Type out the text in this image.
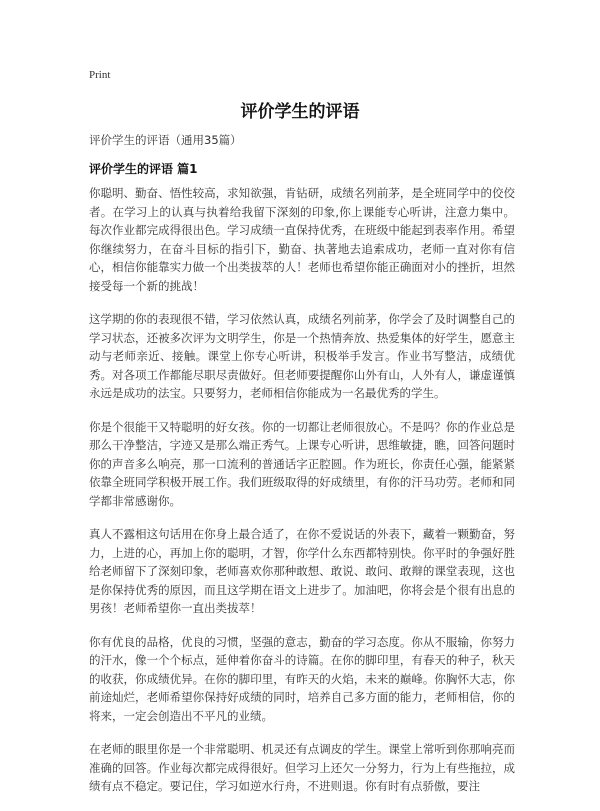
Print
评价学生的评语

评价学生的评语（通用35篇）

评价学生的评语 篇1

你聪明、勤奋、悟性较高，求知欲强，肯钻研，成绩名列前茅，是全班同学中的佼佼者。在学习上的认真与执着给我留下深刻的印象,你上课能专心听讲，注意力集中。每次作业都完成得很出色。学习成绩一直保持优秀，在班级中能起到表率作用。希望你继续努力，在奋斗目标的指引下，勤奋、执著地去追索成功，老师一直对你有信心，相信你能靠实力做一个出类拔萃的人！老师也希望你能正确面对小的挫折，坦然接受每一个新的挑战！

这学期的你的表现很不错，学习依然认真，成绩名列前茅，你学会了及时调整自己的学习状态，还被多次评为文明学生，你是一个热情奔放、热爱集体的好学生，愿意主动与老师亲近、接触。课堂上你专心听讲，积极举手发言。作业书写整洁，成绩优秀。对各项工作都能尽职尽责做好。但老师要提醒你山外有山，人外有人，谦虚谨慎永远是成功的法宝。只要努力，老师相信你能成为一名最优秀的学生。

你是个很能干又特聪明的好女孩。你的一切都让老师很放心。不是吗？你的作业总是那么干净整洁，字迹又是那么端正秀气。上课专心听讲，思维敏捷，瞧，回答问题时你的声音多么响亮，那一口流利的普通话字正腔圆。作为班长，你责任心强，能紧紧依靠全班同学积极开展工作。我们班级取得的好成绩里，有你的汗马功劳。老师和同学都非常感谢你。

真人不露相这句话用在你身上最合适了，在你不爱说话的外表下，藏着一颗勤奋，努力，上进的心，再加上你的聪明，才智，你学什么东西都特别快。你平时的争强好胜给老师留下了深刻印象，老师喜欢你那种敢想、敢说、敢问、敢辩的课堂表现，这也是你保持优秀的原因，而且这学期在语文上进步了。加油吧，你将会是个很有出息的男孩！老师希望你一直出类拔萃！

你有优良的品格，优良的习惯，坚强的意志，勤奋的学习态度。你从不服输，你努力的汗水，像一个个标点，延伸着你奋斗的诗篇。在你的脚印里，有春天的种子，秋天的收获，你成绩优异。在你的脚印里，有昨天的火焰，未来的巅峰。你胸怀大志，你前途灿烂，老师希望你保持好成绩的同时，培养自己多方面的能力，老师相信，你的将来，一定会创造出不平凡的业绩。

在老师的眼里你是一个非常聪明、机灵还有点调皮的学生。课堂上常听到你那响亮而准确的回答。作业每次都完成得很好。但学习上还欠一分努力，行为上有些拖拉，成绩有点不稳定。要记住，学习如逆水行舟，不进则退。你有时有点骄傲，要注
